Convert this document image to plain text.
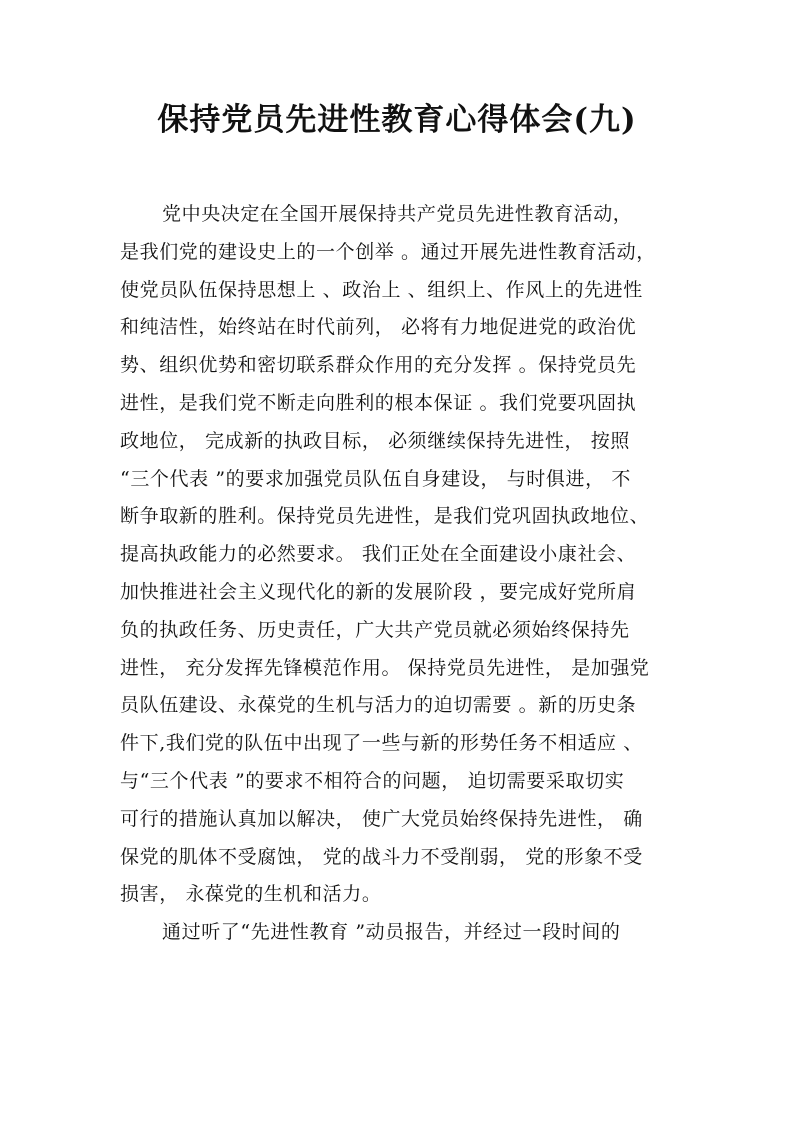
保持党员先进性教育心得体会(九)
党中央决定在全国开展保持共产党员先进性教育活动，
是我们党的建设史上的一个创举 。通过开展先进性教育活动，
使党员队伍保持思想上 、政治上 、组织上、作风上的先进性
和纯洁性，始终站在时代前列， 必将有力地促进党的政治优
势、组织优势和密切联系群众作用的充分发挥 。保持党员先
进性，是我们党不断走向胜利的根本保证 。我们党要巩固执
政地位， 完成新的执政目标， 必须继续保持先进性， 按照
“三个代表 ”的要求加强党员队伍自身建设， 与时俱进， 不
断争取新的胜利。保持党员先进性，是我们党巩固执政地位、
提高执政能力的必然要求。 我们正处在全面建设小康社会、
加快推进社会主义现代化的新的发展阶段 ，要完成好党所肩
负的执政任务、历史责任，广大共产党员就必须始终保持先
进性， 充分发挥先锋模范作用。 保持党员先进性， 是加强党
员队伍建设、永葆党的生机与活力的迫切需要 。新的历史条
件下,我们党的队伍中出现了一些与新的形势任务不相适应 、
与“三个代表 ”的要求不相符合的问题， 迫切需要采取切实
可行的措施认真加以解决， 使广大党员始终保持先进性， 确
保党的肌体不受腐蚀， 党的战斗力不受削弱， 党的形象不受
损害， 永葆党的生机和活力。
通过听了“先进性教育 ”动员报告，并经过一段时间的
